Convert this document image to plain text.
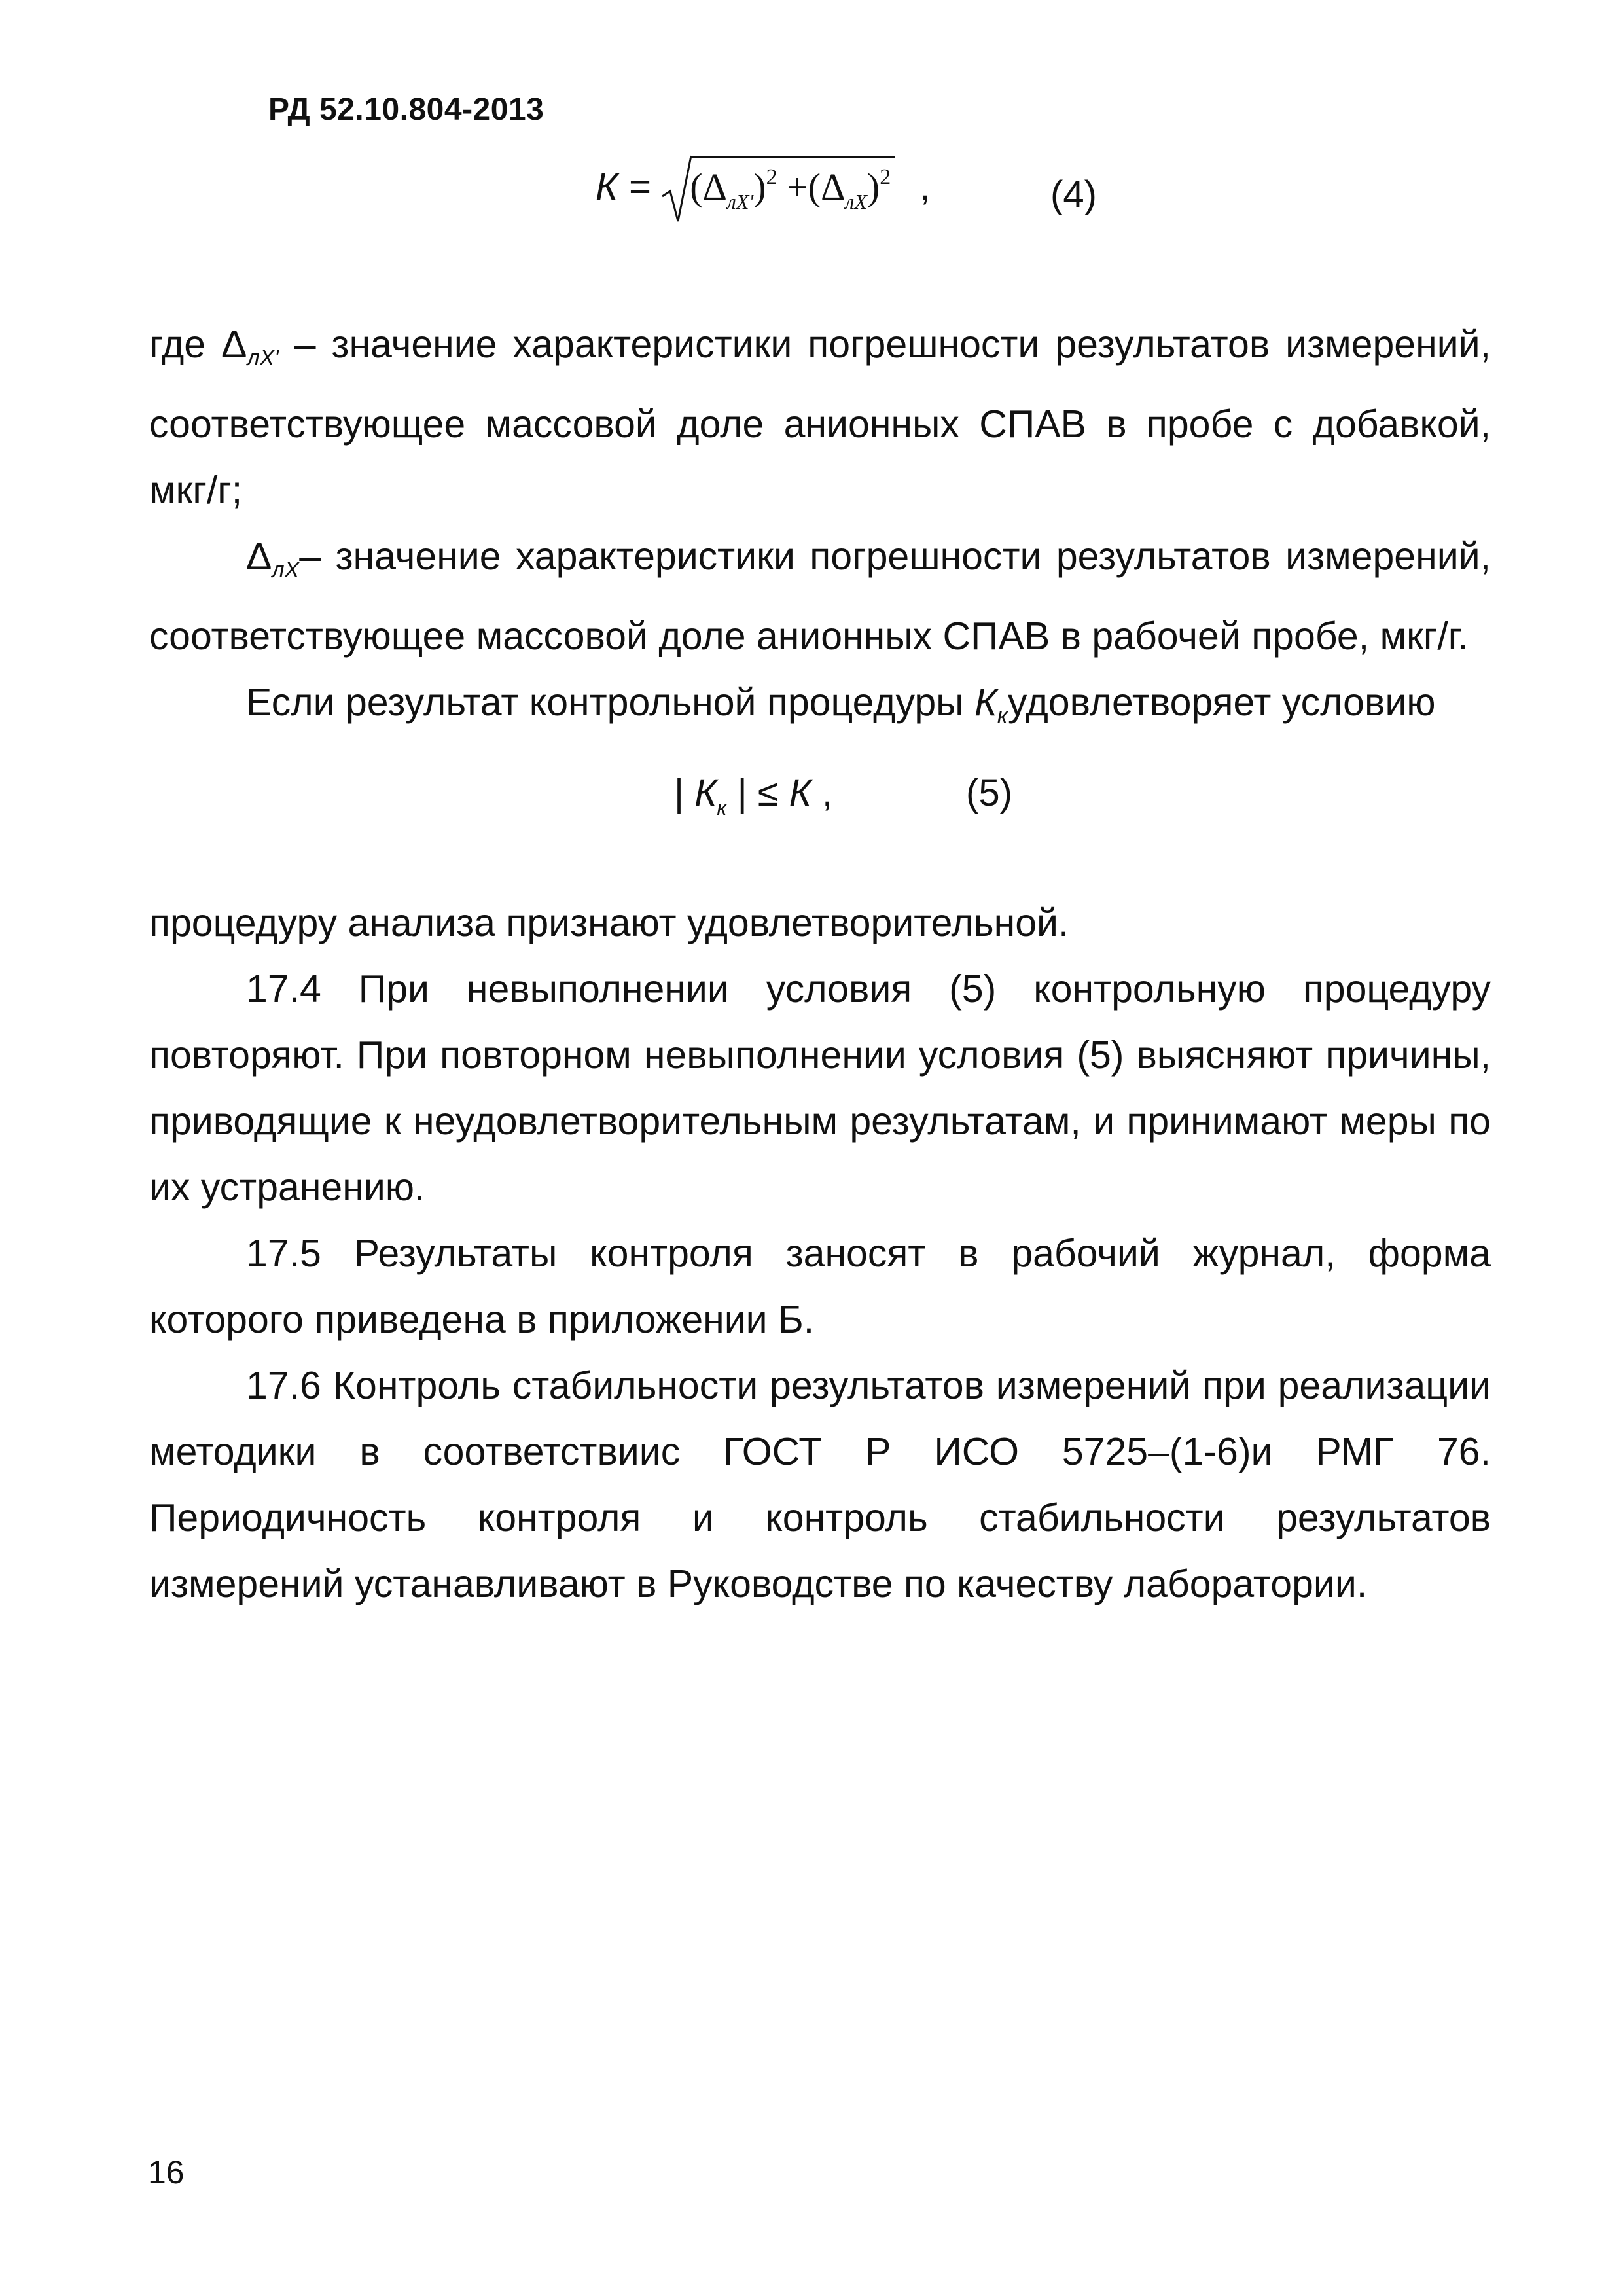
РД 52.10.804-2013
$К = (\Delta_{лX'})^2 +(\Delta_{лX})^2$ ,	(4)

где $\Delta_{лX'}$ – значение характеристики погрешности результатов измерений, соответствующее массовой доле анионных СПАВ в пробе с добавкой, мкг/г;

$\Delta_{лX}-$ значение характеристики погрешности результатов измерений, соответствующее массовой доле анионных СПАВ в рабочей пробе, мкг/г.

Если результат контрольной процедуры $К_кудовлетворяет$ условию

| $К_к$ | ≤ К ,	(5)

процедуру анализа признают удовлетворительной.

17.4 При невыполнении условия (5) контрольную процедуру повторяют. При повторном невыполнении условия (5) выясняют причины, приводящие к неудовлетворительным результатам, и принимают меры по их устранению.

17.5 Результаты контроля заносят в рабочий журнал, форма которого приведена в приложении Б.

17.6 Контроль стабильности результатов измерений при реализации методики в соответствиис ГОСТ Р ИСО 5725–(1-6)и РМГ 76. Периодичность контроля и контроль стабильности результатов измерений устанавливают в Руководстве по качеству лаборатории.

16
